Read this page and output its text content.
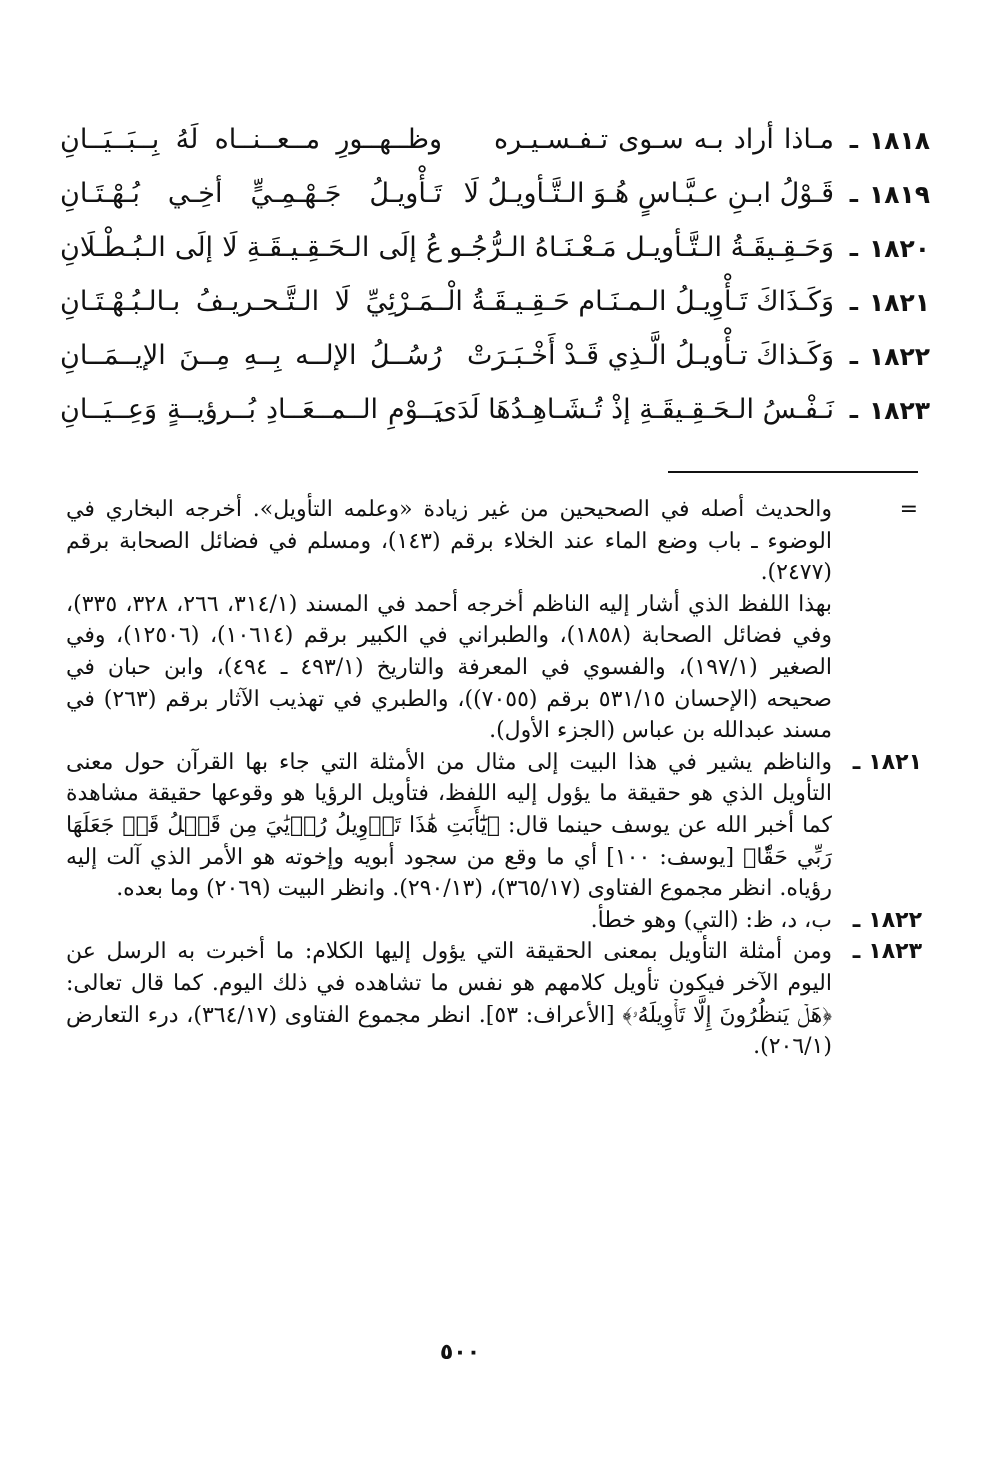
١٨١٨
ـ
مـاذا أراد بـه سـوى تـفـسـيـره
وظــهــورِ مــعــنــاه لَهُ بِــبَــيَــانِ
١٨١٩
ـ
قَـوْلُ ابـنِ عـبَّـاسٍ هُـوَ الـتَّـأويـلُ لَا
تَـأْويـلُ جَـهْـمِـيٍّ أخِـي بُـهْـتَـانِ
١٨٢٠
ـ
وَحَـقِـيقَـةُ الـتَّـأويـل مَـعْـنَـاهُ الـرُّجُـو
عُ إلَى الـحَـقِـيـقَـةِ لَا إلَى الـبُـطْـلَانِ
١٨٢١
ـ
وَكَـذَاكَ تَـأْوِيـلُ الـمـنَـام حَـقِـيـقَـةُ الْـ
ـمَـرْئِيِّ لَا الـتَّـحـريـفُ بـالـبُـهْـتَـانِ
١٨٢٢
ـ
وَكَـذاكَ تـأْويـلُ الَّـذِي قَـدْ أَخْـبَـرَتْ
رُسُــلُ الإلــه بِــهِ مِــنَ الإيــمَــانِ
١٨٢٣
ـ
نَـفْـسُ الـحَـقِـيقَـةِ إذْ تُـشَـاهِـدُهَا لَدَى
يَــوْمِ الــمــعَــادِ بُــرؤيــةٍ وَعِــيَــانِ
=

والحديث أصله في الصحيحين من غير زيادة «وعلمه التأويل». أخرجه البخاري في الوضوء ـ باب وضع الماء عند الخلاء برقم (١٤٣)، ومسلم في فضائل الصحابة برقم (٢٤٧٧).

بهذا اللفظ الذي أشار إليه الناظم أخرجه أحمد في المسند (٣١٤/١، ٢٦٦، ٣٢٨، ٣٣٥)، وفي فضائل الصحابة (١٨٥٨)، والطبراني في الكبير برقم (١٠٦١٤)، (١٢٥٠٦)، وفي الصغير (١٩٧/١)، والفسوي في المعرفة والتاريخ (٤٩٣/١ ـ ٤٩٤)، وابن حبان في صحيحه (الإحسان ٥٣١/١٥ برقم (٧٠٥٥))، والطبري في تهذيب الآثار برقم (٢٦٣) في مسند عبدالله بن عباس (الجزء الأول).

١٨٢١ـ

والناظم يشير في هذا البيت إلى مثال من الأمثلة التي جاء بها القرآن حول معنى التأويل الذي هو حقيقة ما يؤول إليه اللفظ، فتأويل الرؤيا هو وقوعها حقيقة مشاهدة كما أخبر الله عن يوسف حينما قال: ﴿يَٰٓأَبَتِ هَٰذَا تَأۡوِيلُ رُءۡيَٰيَ مِن قَبۡلُ قَدۡ جَعَلَهَا رَبِّي حَقّٗا﴾ [يوسف: ١٠٠] أي ما وقع من سجود أبويه وإخوته هو الأمر الذي آلت إليه رؤياه. انظر مجموع الفتاوى (٣٦٥/١٧)، (٢٩٠/١٣). وانظر البيت (٢٠٦٩) وما بعده.

١٨٢٢ـ

ب، د، ظ: (التي) وهو خطأ.

١٨٢٣ـ

ومن أمثلة التأويل بمعنى الحقيقة التي يؤول إليها الكلام: ما أخبرت به الرسل عن اليوم الآخر فيكون تأويل كلامهم هو نفس ما تشاهده في ذلك اليوم. كما قال تعالى: ﴿هَلۡ يَنظُرُونَ إِلَّا تَأۡوِيلَهُۥ﴾ [الأعراف: ٥٣]. انظر مجموع الفتاوى (٣٦٤/١٧)، درء التعارض (٢٠٦/١).

٥٠٠
